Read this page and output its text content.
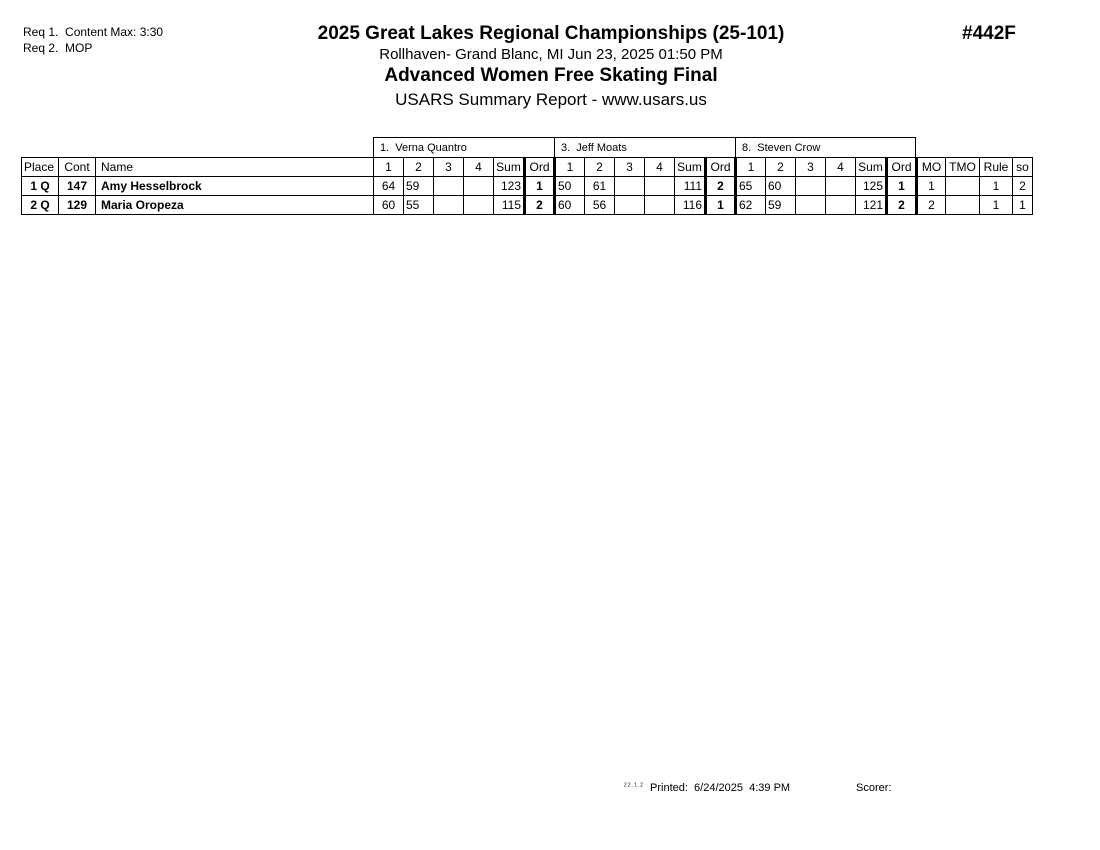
Req 1.  Content Max: 3:30
Req 2.  MOP
2025 Great Lakes Regional Championships (25-101)
Rollhaven- Grand Blanc, MI Jun 23, 2025 01:50 PM
Advanced Women Free Skating Final
USARS Summary Report - www.usars.us
#442F
1.  Verna Quantro	3.  Jeff Moats	8.  Steven Crow
Place	Cont	Name	1	2	3	4	Sum	Ord	1	2	3	4	Sum	Ord	1	2	3	4	Sum	Ord	MO	TMO	Rule	so
1 Q	147	Amy Hesselbrock	64	59			123	1	50	61			111	2	65	60			125	1	1		1	2
2 Q	129	Maria Oropeza	60	55			115	2	60	56			116	1	62	59			121	2	2		1	1
$^{22.1.2}$ Printed:  6/24/2025  4:39 PM	Scorer:
